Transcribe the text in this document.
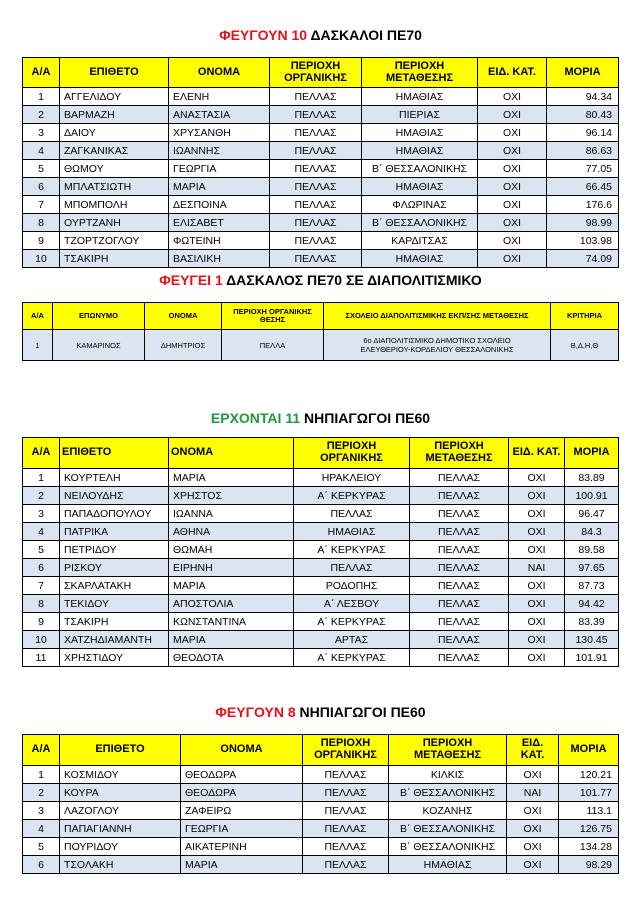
ΦΕΥΓΟΥΝ 10 ΔΑΣΚΑΛΟΙ ΠΕ70
Α/Α	ΕΠΙΘΕΤΟ	ΟΝΟΜΑ	ΠΕΡΙΟΧΗ ΟΡΓΑΝΙΚΗΣ	ΠΕΡΙΟΧΗ ΜΕΤΑΘΕΣΗΣ	ΕΙΔ. ΚΑΤ.	ΜΟΡΙΑ
1	ΑΓΓΕΛΙΔΟΥ	ΕΛΕΝΗ	ΠΕΛΛΑΣ	ΗΜΑΘΙΑΣ	ΟΧΙ	94.34
2	ΒΑΡΜΑΖΗ	ΑΝΑΣΤΑΣΙΑ	ΠΕΛΛΑΣ	ΠΙΕΡΙΑΣ	ΟΧΙ	80.43
3	ΔΑΙΟΥ	ΧΡΥΣΑΝΘΗ	ΠΕΛΛΑΣ	ΗΜΑΘΙΑΣ	ΟΧΙ	96.14
4	ΖΑΓΚΑΝΙΚΑΣ	ΙΩΑΝΝΗΣ	ΠΕΛΛΑΣ	ΗΜΑΘΙΑΣ	ΟΧΙ	86.63
5	ΘΩΜΟΥ	ΓΕΩΡΓΙΑ	ΠΕΛΛΑΣ	Β΄ ΘΕΣΣΑΛΟΝΙΚΗΣ	ΟΧΙ	77.05
6	ΜΠΛΑΤΣΙΩΤΗ	ΜΑΡΙΑ	ΠΕΛΛΑΣ	ΗΜΑΘΙΑΣ	ΟΧΙ	66.45
7	ΜΠΟΜΠΟΛΗ	ΔΕΣΠΟΙΝΑ	ΠΕΛΛΑΣ	ΦΛΩΡΙΝΑΣ	ΟΧΙ	176.6
8	ΟΥΡΤΖΑΝΗ	ΕΛΙΣΑΒΕΤ	ΠΕΛΛΑΣ	Β΄ ΘΕΣΣΑΛΟΝΙΚΗΣ	ΟΧΙ	98.99
9	ΤΖΟΡΤΖΟΓΛΟΥ	ΦΩΤΕΙΝΗ	ΠΕΛΛΑΣ	ΚΑΡΔΙΤΣΑΣ	ΟΧΙ	103.98
10	ΤΣΑΚΙΡΗ	ΒΑΣΙΛΙΚΗ	ΠΕΛΛΑΣ	ΗΜΑΘΙΑΣ	ΟΧΙ	74.09
ΦΕΥΓΕΙ 1 ΔΑΣΚΑΛΟΣ ΠΕ70 ΣΕ ΔΙΑΠΟΛΙΤΙΣΜΙΚΟ
Α/Α	ΕΠΩΝΥΜΟ	ΟΝΟΜΑ	ΠΕΡΙΟΧΗ ΟΡΓΑΝΙΚΗΣ ΘΕΣΗΣ	ΣΧΟΛΕΙΟ ΔΙΑΠΟΛΙΤΙΣΜΙΚΗΣ ΕΚΠ/ΣΗΣ ΜΕΤΑΘΕΣΗΣ	ΚΡΙΤΗΡΙΑ
1	ΚΑΜΑΡΙΝΟΣ	ΔΗΜΗΤΡΙΟΣ	ΠΕΛΛΑ	6ο ΔΙΑΠΟΛΙΤΙΣΜΙΚΟ ΔΗΜΟΤΙΚΟ ΣΧΟΛΕΙΟ
ΕΛΕΥΘΕΡΙΟΥ-ΚΟΡΔΕΛΙΟΥ ΘΕΣΣΑΛΟΝΙΚΗΣ	Β,Δ,Η,Θ
ΕΡΧΟΝΤΑΙ 11 ΝΗΠΙΑΓΩΓΟΙ ΠΕ60
Α/Α	ΕΠΙΘΕΤΟ	ΟΝΟΜΑ	ΠΕΡΙΟΧΗ ΟΡΓΑΝΙΚΗΣ	ΠΕΡΙΟΧΗ ΜΕΤΑΘΕΣΗΣ	ΕΙΔ. ΚΑΤ.	ΜΟΡΙΑ
1	ΚΟΥΡΤΕΛΗ	ΜΑΡΙΑ	ΗΡΑΚΛΕΙΟΥ	ΠΕΛΛΑΣ	ΟΧΙ	83.89
2	ΝΕΙΛΟΥΔΗΣ	ΧΡΗΣΤΟΣ	Α΄ ΚΕΡΚΥΡΑΣ	ΠΕΛΛΑΣ	ΟΧΙ	100.91
3	ΠΑΠΑΔΟΠΟΥΛΟΥ	ΙΩΑΝΝΑ	ΠΕΛΛΑΣ	ΠΕΛΛΑΣ	ΟΧΙ	96.47
4	ΠΑΤΡΙΚΑ	ΑΘΗΝΑ	ΗΜΑΘΙΑΣ	ΠΕΛΛΑΣ	ΟΧΙ	84.3
5	ΠΕΤΡΙΔΟΥ	ΘΩΜΑΗ	Α΄ ΚΕΡΚΥΡΑΣ	ΠΕΛΛΑΣ	ΟΧΙ	89.58
6	ΡΙΣΚΟΥ	ΕΙΡΗΝΗ	ΠΕΛΛΑΣ	ΠΕΛΛΑΣ	ΝΑΙ	97.65
7	ΣΚΑΡΛΑΤΑΚΗ	ΜΑΡΙΑ	ΡΟΔΟΠΗΣ	ΠΕΛΛΑΣ	ΟΧΙ	87.73
8	ΤΕΚΙΔΟΥ	ΑΠΟΣΤΟΛΙΑ	Α΄ ΛΕΣΒΟΥ	ΠΕΛΛΑΣ	ΟΧΙ	94.42
9	ΤΣΑΚΙΡΗ	ΚΩΝΣΤΑΝΤΙΝΑ	Α΄ ΚΕΡΚΥΡΑΣ	ΠΕΛΛΑΣ	ΟΧΙ	83.39
10	ΧΑΤΖΗΔΙΑΜΑΝΤΗ	ΜΑΡΙΑ	ΑΡΤΑΣ	ΠΕΛΛΑΣ	ΟΧΙ	130.45
11	ΧΡΗΣΤΙΔΟΥ	ΘΕΟΔΟΤΑ	Α΄ ΚΕΡΚΥΡΑΣ	ΠΕΛΛΑΣ	ΟΧΙ	101.91
ΦΕΥΓΟΥΝ 8 ΝΗΠΙΑΓΩΓΟΙ ΠΕ60
Α/Α	ΕΠΙΘΕΤΟ	ΟΝΟΜΑ	ΠΕΡΙΟΧΗ ΟΡΓΑΝΙΚΗΣ	ΠΕΡΙΟΧΗ ΜΕΤΑΘΕΣΗΣ	ΕΙΔ. ΚΑΤ.	ΜΟΡΙΑ
1	ΚΟΣΜΙΔΟΥ	ΘΕΟΔΩΡΑ	ΠΕΛΛΑΣ	ΚΙΛΚΙΣ	ΟΧΙ	120.21
2	ΚΟΥΡΑ	ΘΕΟΔΩΡΑ	ΠΕΛΛΑΣ	Β΄ ΘΕΣΣΑΛΟΝΙΚΗΣ	ΝΑΙ	101.77
3	ΛΑΖΟΓΛΟΥ	ΖΑΦΕΙΡΩ	ΠΕΛΛΑΣ	ΚΟΖΑΝΗΣ	ΟΧΙ	113.1
4	ΠΑΠΑΓΙΑΝΝΗ	ΓΕΩΡΓΙΑ	ΠΕΛΛΑΣ	Β΄ ΘΕΣΣΑΛΟΝΙΚΗΣ	ΟΧΙ	126.75
5	ΠΟΥΡΙΔΟΥ	ΑΙΚΑΤΕΡΙΝΗ	ΠΕΛΛΑΣ	Β΄ ΘΕΣΣΑΛΟΝΙΚΗΣ	ΟΧΙ	134.28
6	ΤΣΟΛΑΚΗ	ΜΑΡΙΑ	ΠΕΛΛΑΣ	ΗΜΑΘΙΑΣ	ΟΧΙ	98.29
